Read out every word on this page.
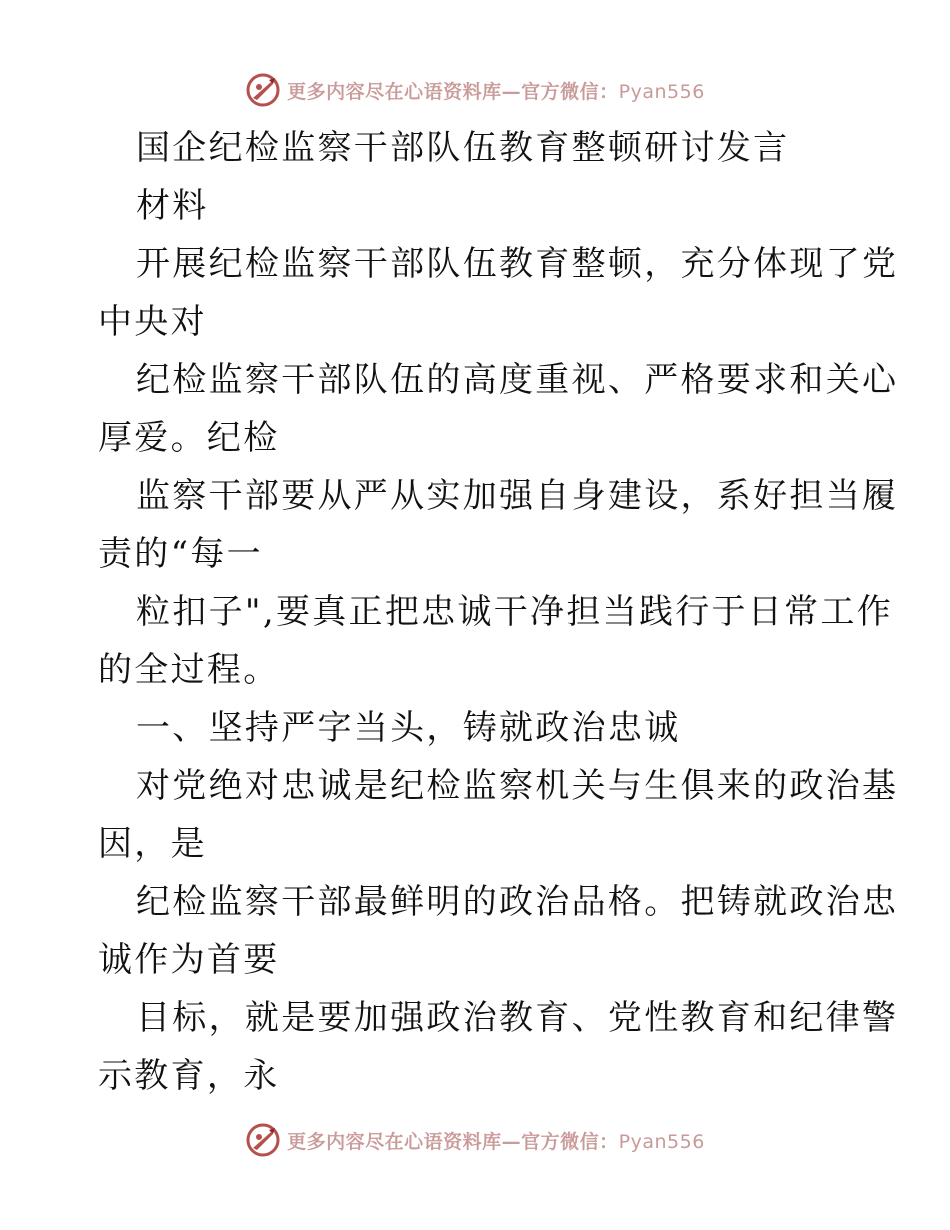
更多内容尽在心语资料库—官方微信：Pyan556
国企纪检监察干部队伍教育整顿研讨发言
材料
开展纪检监察干部队伍教育整顿，充分体现了党
中央对
纪检监察干部队伍的高度重视、严格要求和关心
厚爱。纪检
监察干部要从严从实加强自身建设，系好担当履
责的“每一
粒扣子",要真正把忠诚干净担当践行于日常工作
的全过程。
一、坚持严字当头，铸就政治忠诚
对党绝对忠诚是纪检监察机关与生俱来的政治基
因，是
纪检监察干部最鲜明的政治品格。把铸就政治忠
诚作为首要
目标，就是要加强政治教育、党性教育和纪律警
示教育，永
更多内容尽在心语资料库—官方微信：Pyan556
